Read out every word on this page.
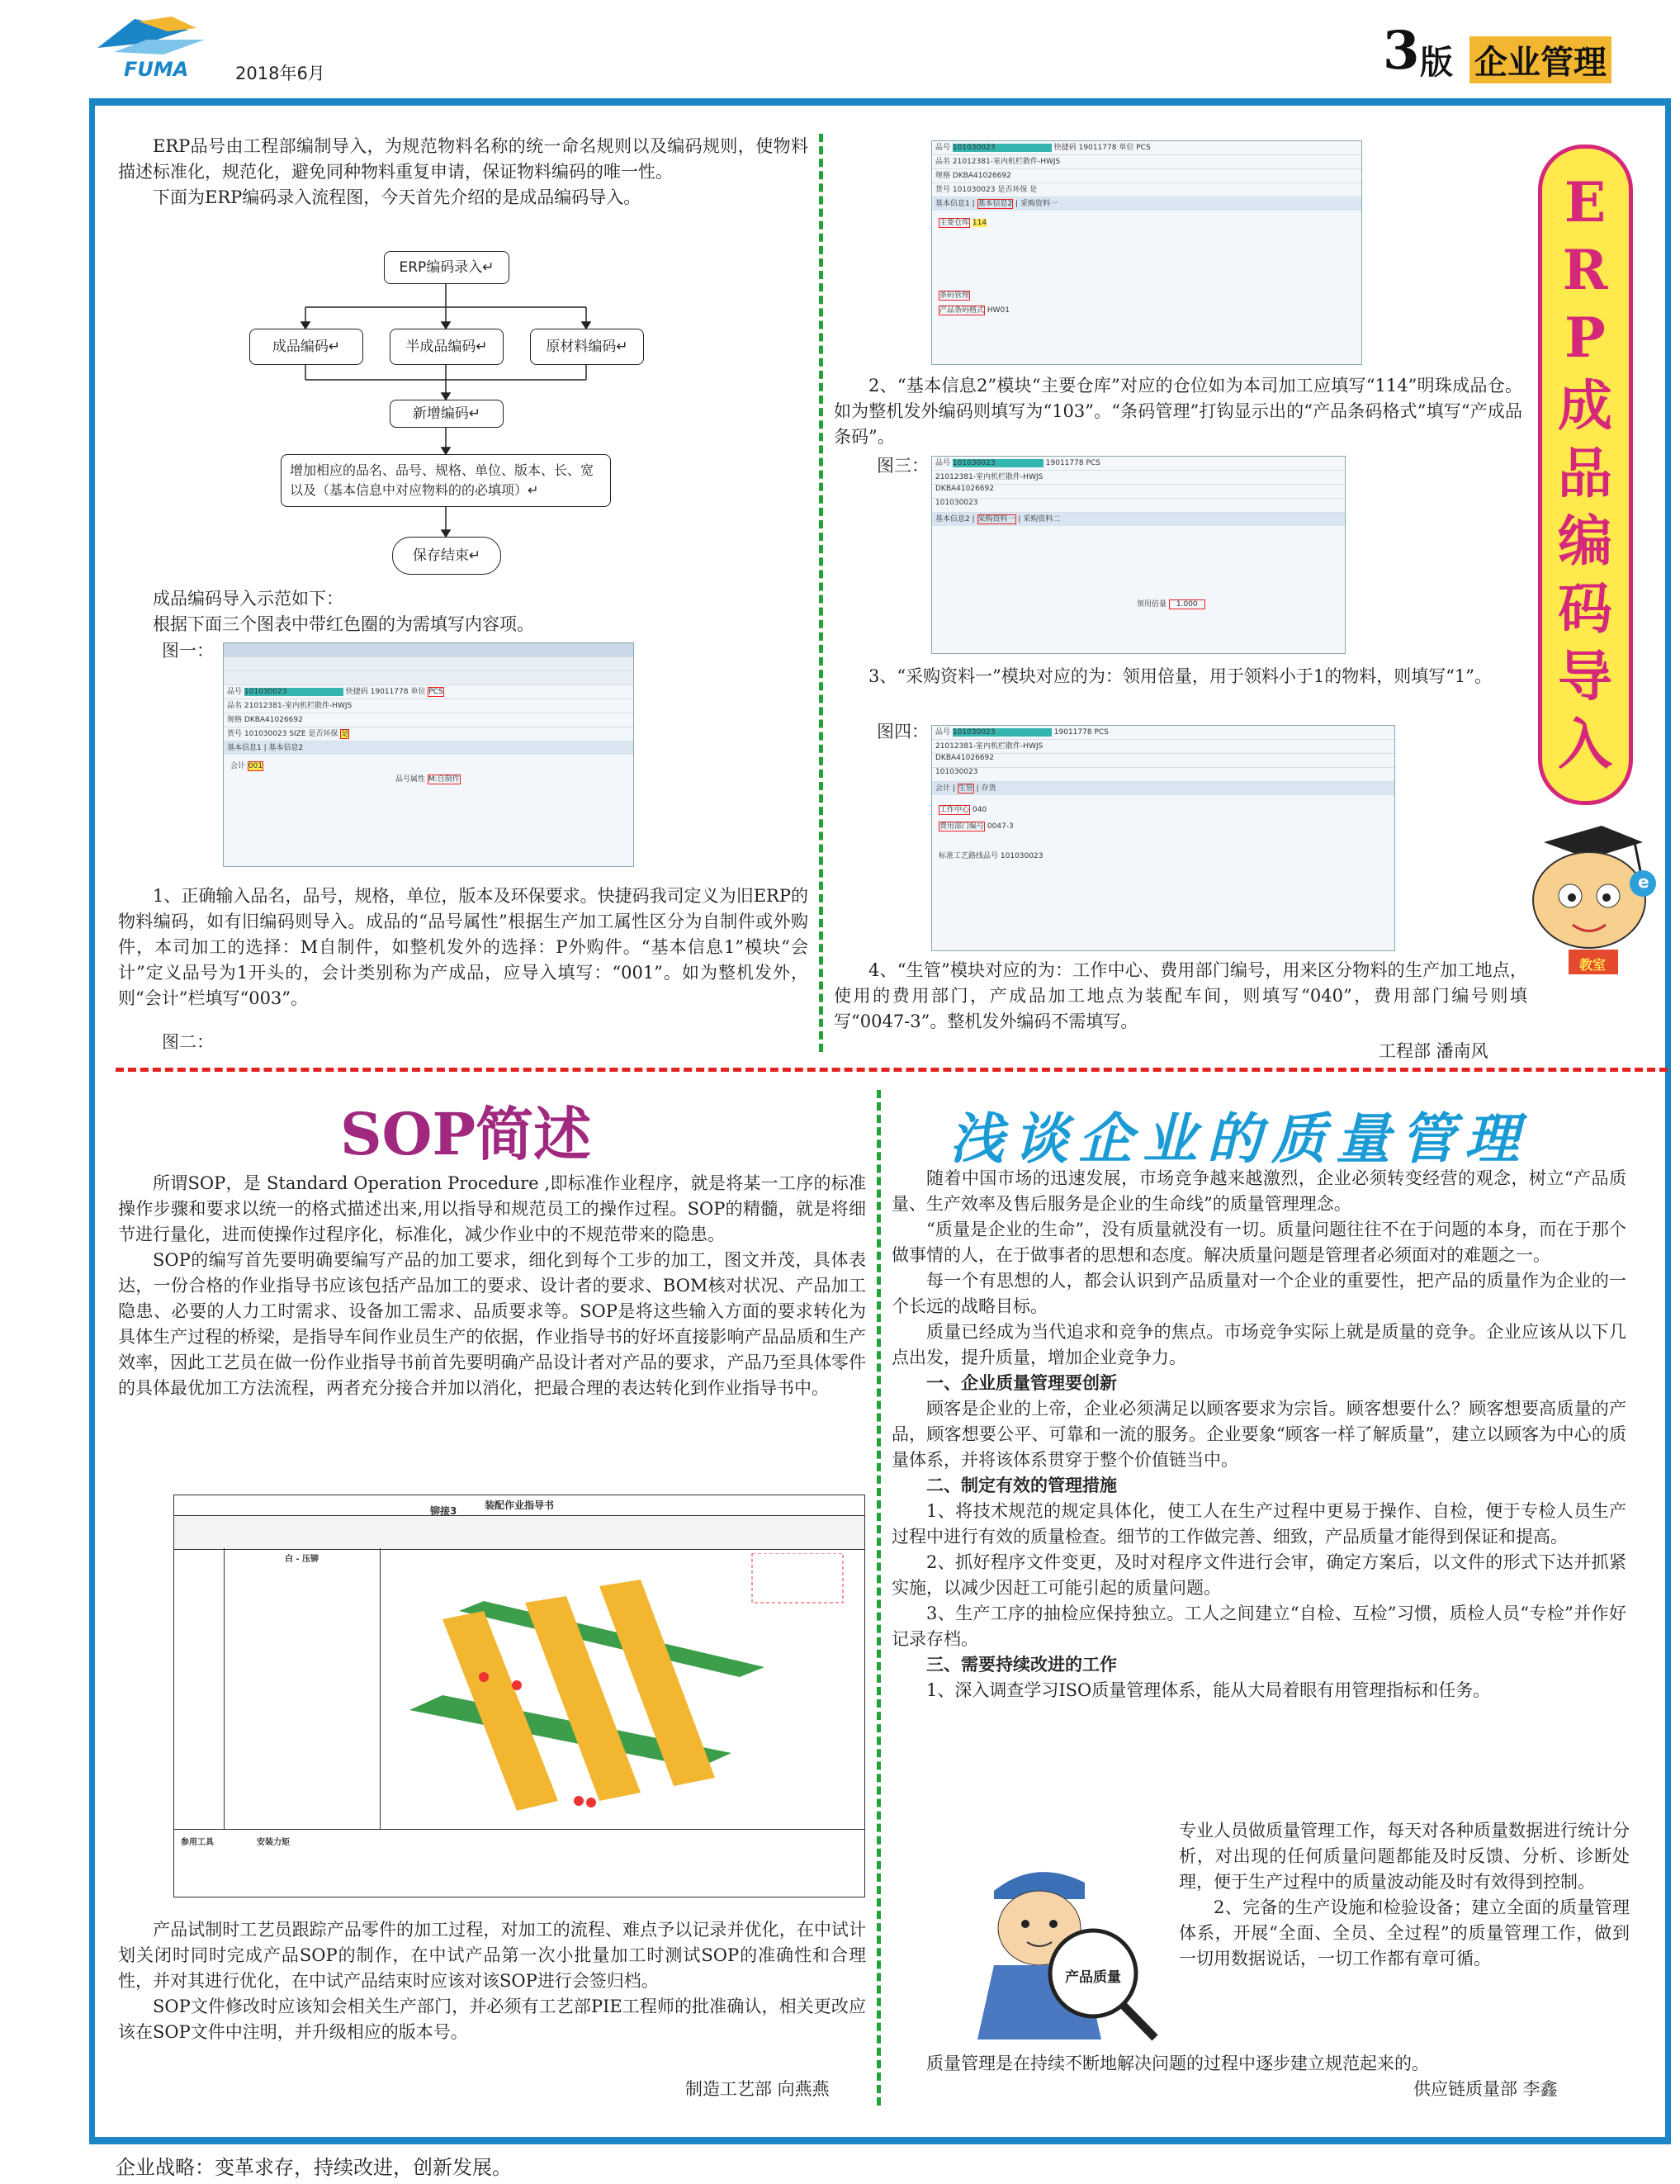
FUMA	2018年6月	3 版 企业管理

ERP品号由工程部编制导入，为规范物料名称的统一命名规则以及编码规则，使物料描述标准化，规范化，避免同种物料重复申请，保证物料编码的唯一性。

下面为ERP编码录入流程图，今天首先介绍的是成品编码导入。

ERP编码录入↵
成品编码↵	半成品编码↵	原材料编码↵
新增编码↵
增加相应的品名、品号、规格、单位、版本、长、宽以及（基本信息中对应物料的的必填项）↵
保存结束↵

成品编码导入示范如下：

根据下面三个图表中带红色圈的为需填写内容项。

图一：
品号 101030023	快捷码 19011778 单位 PCS
品名 21012381-室内机栏散件-HWJS
规格 DKBA41026692
货号 101030023 SIZE 是否环保 是
基本信息1 | 基本信息2
会计 001
品号属性 M:自制件

1、正确输入品名，品号，规格，单位，版本及环保要求。快捷码我司定义为旧ERP的物料编码，如有旧编码则导入。成品的“品号属性”根据生产加工属性区分为自制件或外购件，本司加工的选择：M自制件，如整机发外的选择：P外购件。“基本信息1”模块“会计”定义品号为1开头的，会计类别称为产成品，应导入填写：“001”。如为整机发外，则“会计”栏填写“003”。

图二：
品号 101030023	快捷码 19011778 单位 PCS
品名 21012381-室内机栏散件-HWJS
规格 DKBA41026692
货号 101030023 是否环保 是
基本信息1 | 基本信息2 | 采购资料一
主要仓库 114
条码管理
产品条码格式 HW01

2、“基本信息2”模块“主要仓库”对应的仓位如为本司加工应填写“114”明珠成品仓。如为整机发外编码则填写为“103”。“条码管理”打钩显示出的“产品条码格式”填写“产成品条码”。

图三： 品号 101030023	19011778 PCS
21012381-室内机栏散件-HWJS
DKBA41026692
101030023
基本信息2 | 采购资料一 | 采购资料二
领用倍量 1.000

3、“采购资料一”模块对应的为：领用倍量，用于领料小于1的物料，则填写“1”。

图四： 品号 101030023	19011778 PCS
21012381-室内机栏散件-HWJS
DKBA41026692
101030023
会计 | 生管 | 存货
工作中心 040
费用部门编号 0047-3
标准工艺路线品号 101030023

4、“生管”模块对应的为：工作中心、费用部门编号，用来区分物料的生产加工地点，使用的费用部门，产成品加工地点为装配车间，则填写“040”，费用部门编号则填写“0047-3”。整机发外编码不需填写。

工程部 潘南风
ERP成品编码导入
教室
e
SOP简述

所谓SOP，是 Standard Operation Procedure ,即标准作业程序，就是将某一工序的标准操作步骤和要求以统一的格式描述出来,用以指导和规范员工的操作过程。SOP的精髓，就是将细节进行量化，进而使操作过程序化，标准化，减少作业中的不规范带来的隐患。

SOP的编写首先要明确要编写产品的加工要求，细化到每个工步的加工，图文并茂，具体表达，一份合格的作业指导书应该包括产品加工的要求、设计者的要求、BOM核对状况、产品加工隐患、必要的人力工时需求、设备加工需求、品质要求等。SOP是将这些输入方面的要求转化为具体生产过程的桥梁，是指导车间作业员生产的依据，作业指导书的好坏直接影响产品品质和生产效率，因此工艺员在做一份作业指导书前首先要明确产品设计者对产品的要求，产品乃至具体零件的具体最优加工方法流程，两者充分接合并加以消化，把最合理的表达转化到作业指导书中。

装配作业指导书
白 - 压铆
铆接3
参用工具	安装力矩

产品试制时工艺员跟踪产品零件的加工过程，对加工的流程、难点予以记录并优化，在中试计划关闭时同时完成产品SOP的制作，在中试产品第一次小批量加工时测试SOP的准确性和合理性，并对其进行优化，在中试产品结束时应该对该SOP进行会签归档。

SOP文件修改时应该知会相关生产部门，并必须有工艺部PIE工程师的批准确认，相关更改应该在SOP文件中注明，并升级相应的版本号。

制造工艺部 向燕燕
浅谈企业的质量管理

随着中国市场的迅速发展，市场竞争越来越激烈，企业必须转变经营的观念，树立“产品质量、生产效率及售后服务是企业的生命线”的质量管理理念。

“质量是企业的生命”，没有质量就没有一切。质量问题往往不在于问题的本身，而在于那个做事情的人，在于做事者的思想和态度。解决质量问题是管理者必须面对的难题之一。

每一个有思想的人，都会认识到产品质量对一个企业的重要性，把产品的质量作为企业的一个长远的战略目标。

质量已经成为当代追求和竞争的焦点。市场竞争实际上就是质量的竞争。企业应该从以下几点出发，提升质量，增加企业竞争力。

一、企业质量管理要创新

顾客是企业的上帝，企业必须满足以顾客要求为宗旨。顾客想要什么？顾客想要高质量的产品，顾客想要公平、可靠和一流的服务。企业要象“顾客一样了解质量”，建立以顾客为中心的质量体系，并将该体系贯穿于整个价值链当中。

二、制定有效的管理措施

1、将技术规范的规定具体化，使工人在生产过程中更易于操作、自检，便于专检人员生产过程中进行有效的质量检查。细节的工作做完善、细致，产品质量才能得到保证和提高。

2、抓好程序文件变更，及时对程序文件进行会审，确定方案后，以文件的形式下达并抓紧实施，以减少因赶工可能引起的质量问题。

3、生产工序的抽检应保持独立。工人之间建立“自检、互检”习惯，质检人员“专检”并作好记录存档。

三、需要持续改进的工作

1、深入调查学习ISO质量管理体系，能从大局着眼有用管理指标和任务。

产品质量

专业人员做质量管理工作，每天对各种质量数据进行统计分析，对出现的任何质量问题都能及时反馈、分析、诊断处理，便于生产过程中的质量波动能及时有效得到控制。

2、完备的生产设施和检验设备；建立全面的质量管理体系，开展“全面、全员、全过程”的质量管理工作，做到一切用数据说话，一切工作都有章可循。

质量管理是在持续不断地解决问题的过程中逐步建立规范起来的。

供应链质量部 李鑫
企业战略：变革求存，持续改进，创新发展。
